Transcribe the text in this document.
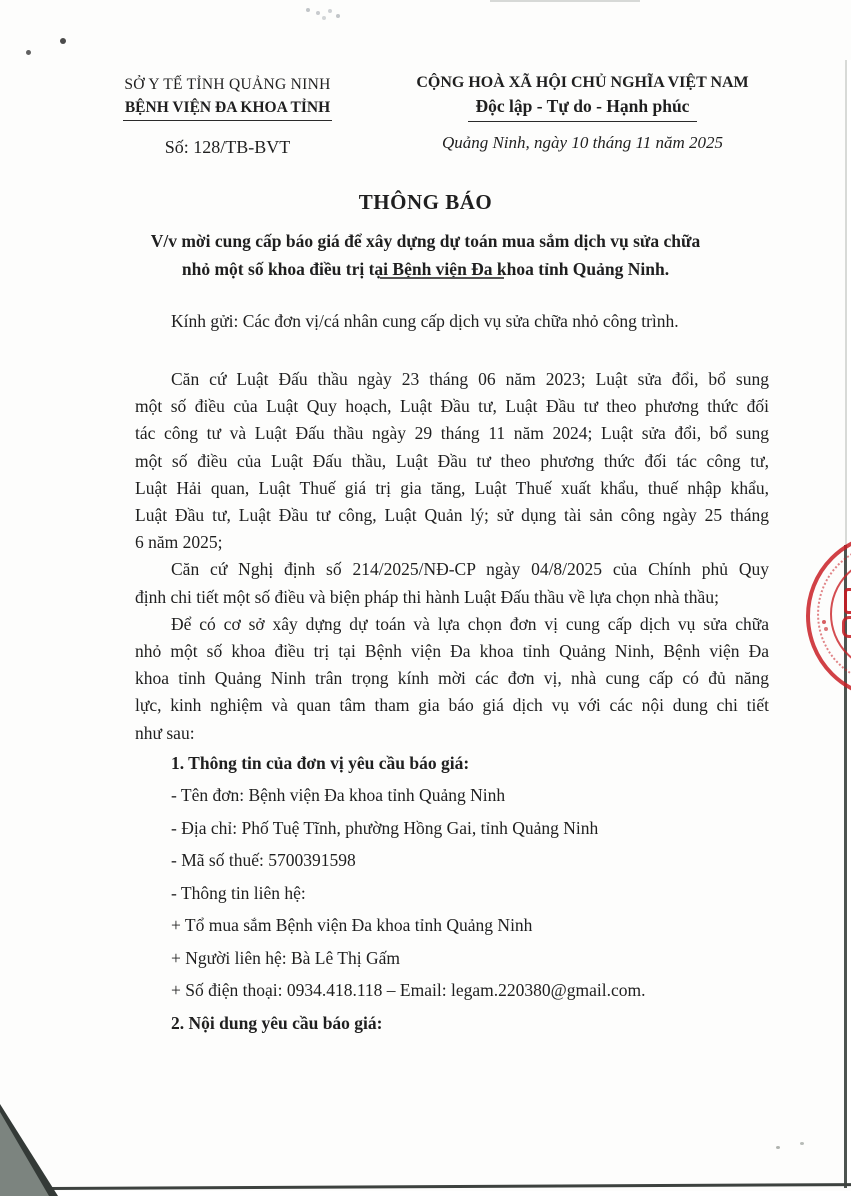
SỞ Y TẾ TỈNH QUẢNG NINH
BỆNH VIỆN ĐA KHOA TỈNH
Số: 128/TB-BVT
CỘNG HOÀ XÃ HỘI CHỦ NGHĨA VIỆT NAM
Độc lập - Tự do - Hạnh phúc
Quảng Ninh, ngày 10 tháng 11 năm 2025
THÔNG BÁO
V/v mời cung cấp báo giá để xây dựng dự toán mua sắm dịch vụ sửa chữa
nhỏ một số khoa điều trị tại Bệnh viện Đa khoa tỉnh Quảng Ninh.
Kính gửi: Các đơn vị/cá nhân cung cấp dịch vụ sửa chữa nhỏ công trình.
Căn cứ Luật Đấu thầu ngày 23 tháng 06 năm 2023; Luật sửa đổi, bổ sung
một số điều của Luật Quy hoạch, Luật Đầu tư, Luật Đầu tư theo phương thức đối
tác công tư và Luật Đấu thầu ngày 29 tháng 11 năm 2024; Luật sửa đổi, bổ sung
một số điều của Luật Đấu thầu, Luật Đầu tư theo phương thức đối tác công tư,
Luật Hải quan, Luật Thuế giá trị gia tăng, Luật Thuế xuất khẩu, thuế nhập khẩu,
Luật Đầu tư, Luật Đầu tư công, Luật Quản lý; sử dụng tài sản công ngày 25 tháng
6 năm 2025;
Căn cứ Nghị định số 214/2025/NĐ-CP ngày 04/8/2025 của Chính phủ Quy
định chi tiết một số điều và biện pháp thi hành Luật Đấu thầu về lựa chọn nhà thầu;
Để có cơ sở xây dựng dự toán và lựa chọn đơn vị cung cấp dịch vụ sửa chữa
nhỏ một số khoa điều trị tại Bệnh viện Đa khoa tỉnh Quảng Ninh, Bệnh viện Đa
khoa tỉnh Quảng Ninh trân trọng kính mời các đơn vị, nhà cung cấp có đủ năng
lực, kinh nghiệm và quan tâm tham gia báo giá dịch vụ với các nội dung chi tiết
như sau:
1. Thông tin của đơn vị yêu cầu báo giá:
- Tên đơn: Bệnh viện Đa khoa tỉnh Quảng Ninh
- Địa chỉ: Phố Tuệ Tĩnh, phường Hồng Gai, tỉnh Quảng Ninh
- Mã số thuế: 5700391598
- Thông tin liên hệ:
+ Tổ mua sắm Bệnh viện Đa khoa tỉnh Quảng Ninh
+ Người liên hệ: Bà Lê Thị Gấm
+ Số điện thoại: 0934.418.118 – Email: legam.220380@gmail.com.
2. Nội dung yêu cầu báo giá:
